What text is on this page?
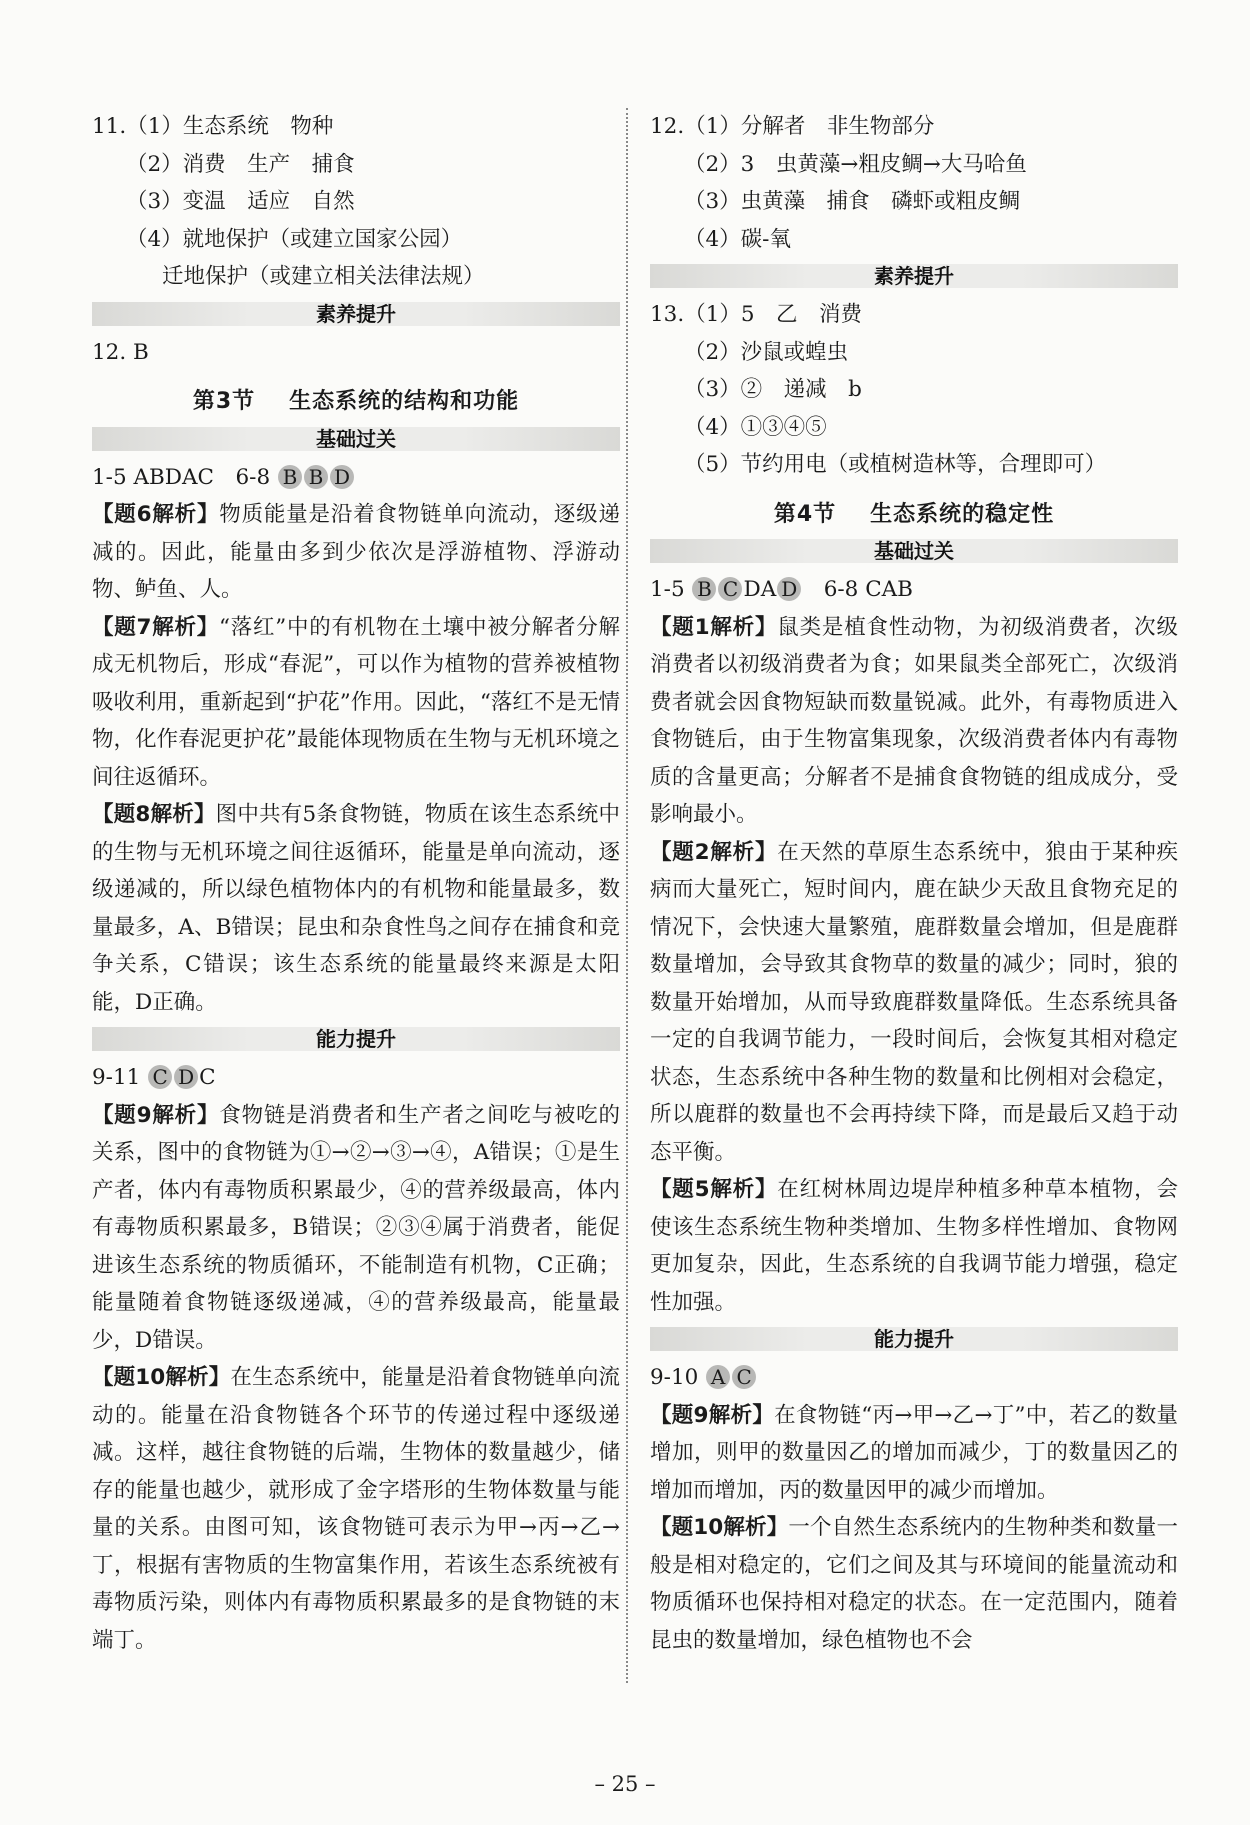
11.（1）生态系统　物种
（2）消费　生产　捕食
（3）变温　适应　自然
（4）就地保护（或建立国家公园）
迁地保护（或建立相关法律法规）
素养提升
12. B
第3节 生态系统的结构和功能
基础过关
1-5 ABDAC　6-8 B B D
【题6解析】物质能量是沿着食物链单向流动，逐级递减的。因此，能量由多到少依次是浮游植物、浮游动物、鲈鱼、人。
【题7解析】“落红”中的有机物在土壤中被分解者分解成无机物后，形成“春泥”，可以作为植物的营养被植物吸收利用，重新起到“护花”作用。因此，“落红不是无情物，化作春泥更护花”最能体现物质在生物与无机环境之间往返循环。
【题8解析】图中共有5条食物链，物质在该生态系统中的生物与无机环境之间往返循环，能量是单向流动，逐级递减的，所以绿色植物体内的有机物和能量最多，数量最多，A、B错误；昆虫和杂食性鸟之间存在捕食和竞争关系，C错误；该生态系统的能量最终来源是太阳能，D正确。
能力提升
9-11 C D C
【题9解析】食物链是消费者和生产者之间吃与被吃的关系，图中的食物链为①→②→③→④，A错误；①是生产者，体内有毒物质积累最少，④的营养级最高，体内有毒物质积累最多，B错误；②③④属于消费者，能促进该生态系统的物质循环，不能制造有机物，C正确；能量随着食物链逐级递减，④的营养级最高，能量最少，D错误。
【题10解析】在生态系统中，能量是沿着食物链单向流动的。能量在沿食物链各个环节的传递过程中逐级递减。这样，越往食物链的后端，生物体的数量越少，储存的能量也越少，就形成了金字塔形的生物体数量与能量的关系。由图可知，该食物链可表示为甲→丙→乙→丁，根据有害物质的生物富集作用，若该生态系统被有毒物质污染，则体内有毒物质积累最多的是食物链的末端丁。
12.（1）分解者　非生物部分
（2）3　虫黄藻→粗皮鲷→大马哈鱼
（3）虫黄藻　捕食　磷虾或粗皮鲷
（4）碳-氧
素养提升
13.（1）5　乙　消费
（2）沙鼠或蝗虫
（3）②　递减　b
（4）①③④⑤
（5）节约用电（或植树造林等，合理即可）
第4节 生态系统的稳定性
基础过关
1-5 B C DA D　6-8 CAB
【题1解析】鼠类是植食性动物，为初级消费者，次级消费者以初级消费者为食；如果鼠类全部死亡，次级消费者就会因食物短缺而数量锐减。此外，有毒物质进入食物链后，由于生物富集现象，次级消费者体内有毒物质的含量更高；分解者不是捕食食物链的组成成分，受影响最小。
【题2解析】在天然的草原生态系统中，狼由于某种疾病而大量死亡，短时间内，鹿在缺少天敌且食物充足的情况下，会快速大量繁殖，鹿群数量会增加，但是鹿群数量增加，会导致其食物草的数量的减少；同时，狼的数量开始增加，从而导致鹿群数量降低。生态系统具备一定的自我调节能力，一段时间后，会恢复其相对稳定状态，生态系统中各种生物的数量和比例相对会稳定，所以鹿群的数量也不会再持续下降，而是最后又趋于动态平衡。
【题5解析】在红树林周边堤岸种植多种草本植物，会使该生态系统生物种类增加、生物多样性增加、食物网更加复杂，因此，生态系统的自我调节能力增强，稳定性加强。
能力提升
9-10 A C
【题9解析】在食物链“丙→甲→乙→丁”中，若乙的数量增加，则甲的数量因乙的增加而减少，丁的数量因乙的增加而增加，丙的数量因甲的减少而增加。
【题10解析】一个自然生态系统内的生物种类和数量一般是相对稳定的，它们之间及其与环境间的能量流动和物质循环也保持相对稳定的状态。在一定范围内，随着昆虫的数量增加，绿色植物也不会
– 25 –
